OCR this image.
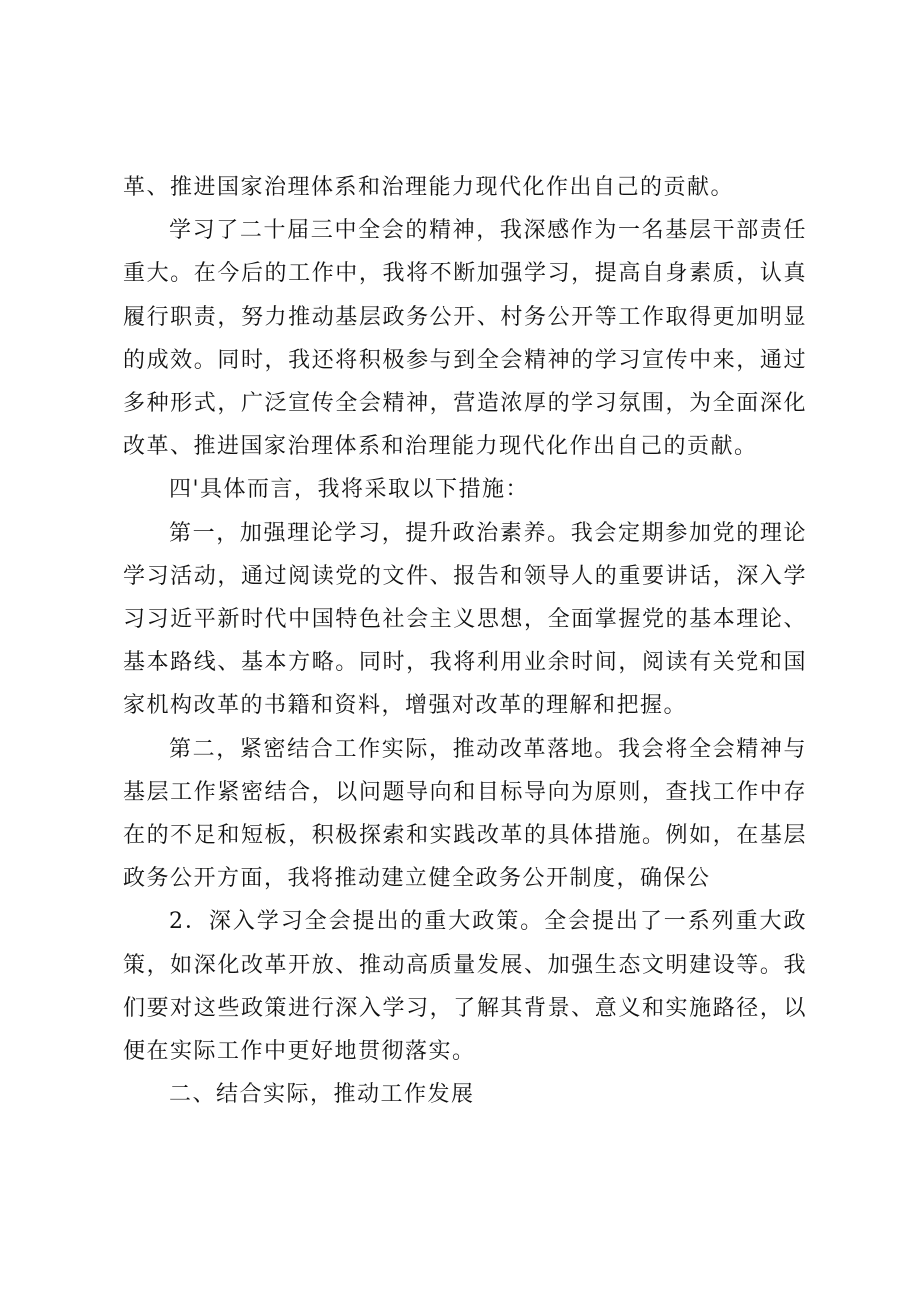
革、推进国家治理体系和治理能力现代化作出自己的贡献。

学习了二十届三中全会的精神，我深感作为一名基层干部责任重大。在今后的工作中，我将不断加强学习，提高自身素质，认真履行职责，努力推动基层政务公开、村务公开等工作取得更加明显的成效。同时，我还将积极参与到全会精神的学习宣传中来，通过多种形式，广泛宣传全会精神，营造浓厚的学习氛围，为全面深化改革、推进国家治理体系和治理能力现代化作出自己的贡献。

四'具体而言，我将采取以下措施：

第一，加强理论学习，提升政治素养。我会定期参加党的理论学习活动，通过阅读党的文件、报告和领导人的重要讲话，深入学习习近平新时代中国特色社会主义思想，全面掌握党的基本理论、基本路线、基本方略。同时，我将利用业余时间，阅读有关党和国家机构改革的书籍和资料，增强对改革的理解和把握。

第二，紧密结合工作实际，推动改革落地。我会将全会精神与基层工作紧密结合，以问题导向和目标导向为原则，查找工作中存在的不足和短板，积极探索和实践改革的具体措施。例如，在基层政务公开方面，我将推动建立健全政务公开制度，确保公

2．深入学习全会提出的重大政策。全会提出了一系列重大政策，如深化改革开放、推动高质量发展、加强生态文明建设等。我们要对这些政策进行深入学习，了解其背景、意义和实施路径，以便在实际工作中更好地贯彻落实。

二、结合实际，推动工作发展
